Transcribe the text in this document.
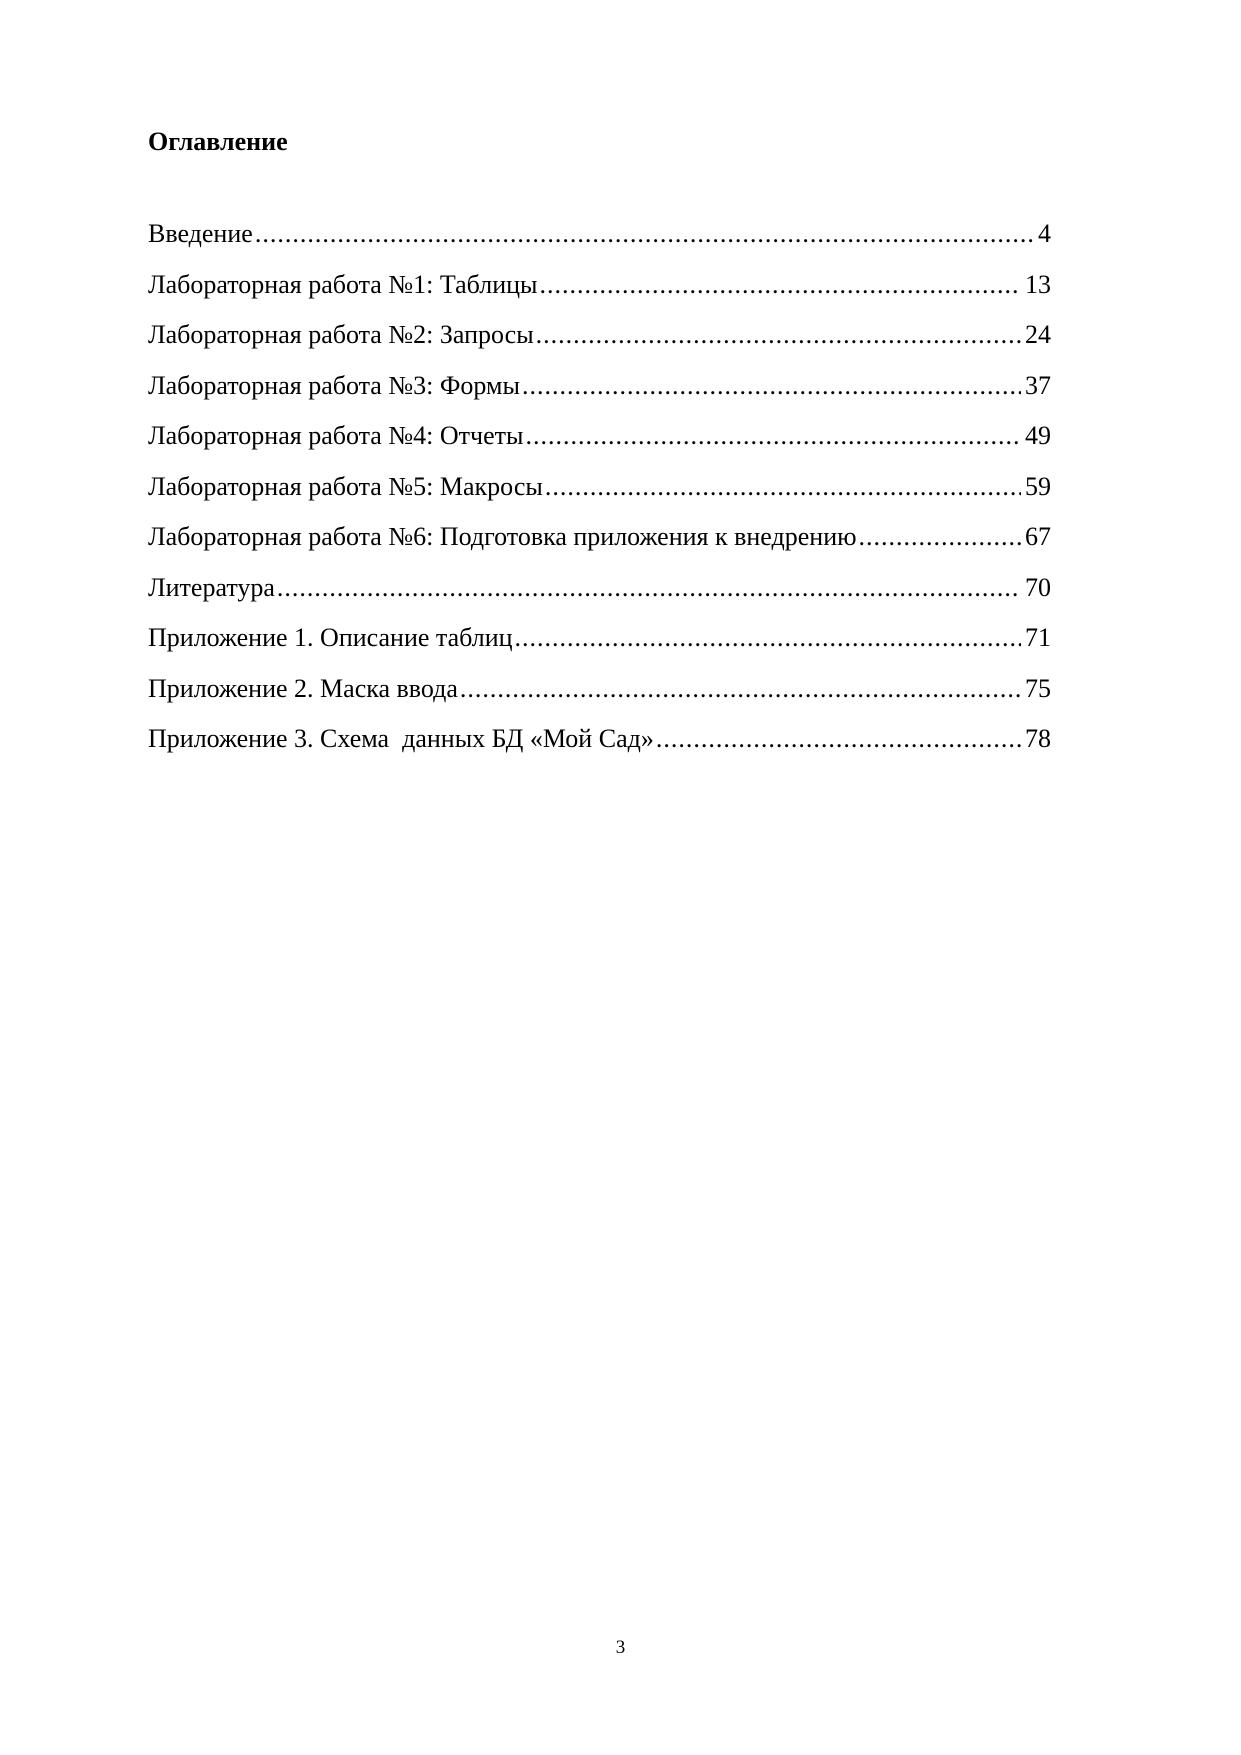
Оглавление
Введение .....	4
Лабораторная работа №1: Таблицы .....	13
Лабораторная работа №2: Запросы .....	24
Лабораторная работа №3: Формы .....	37
Лабораторная работа №4: Отчеты .....	49
Лабораторная работа №5: Макросы .....	59
Лабораторная работа №6: Подготовка приложения к внедрению .....	67
Литература .....	70
Приложение 1. Описание таблиц .....	71
Приложение 2. Маска ввода .....	75
Приложение 3. Схема  данных БД «Мой Сад» .....	78
3
